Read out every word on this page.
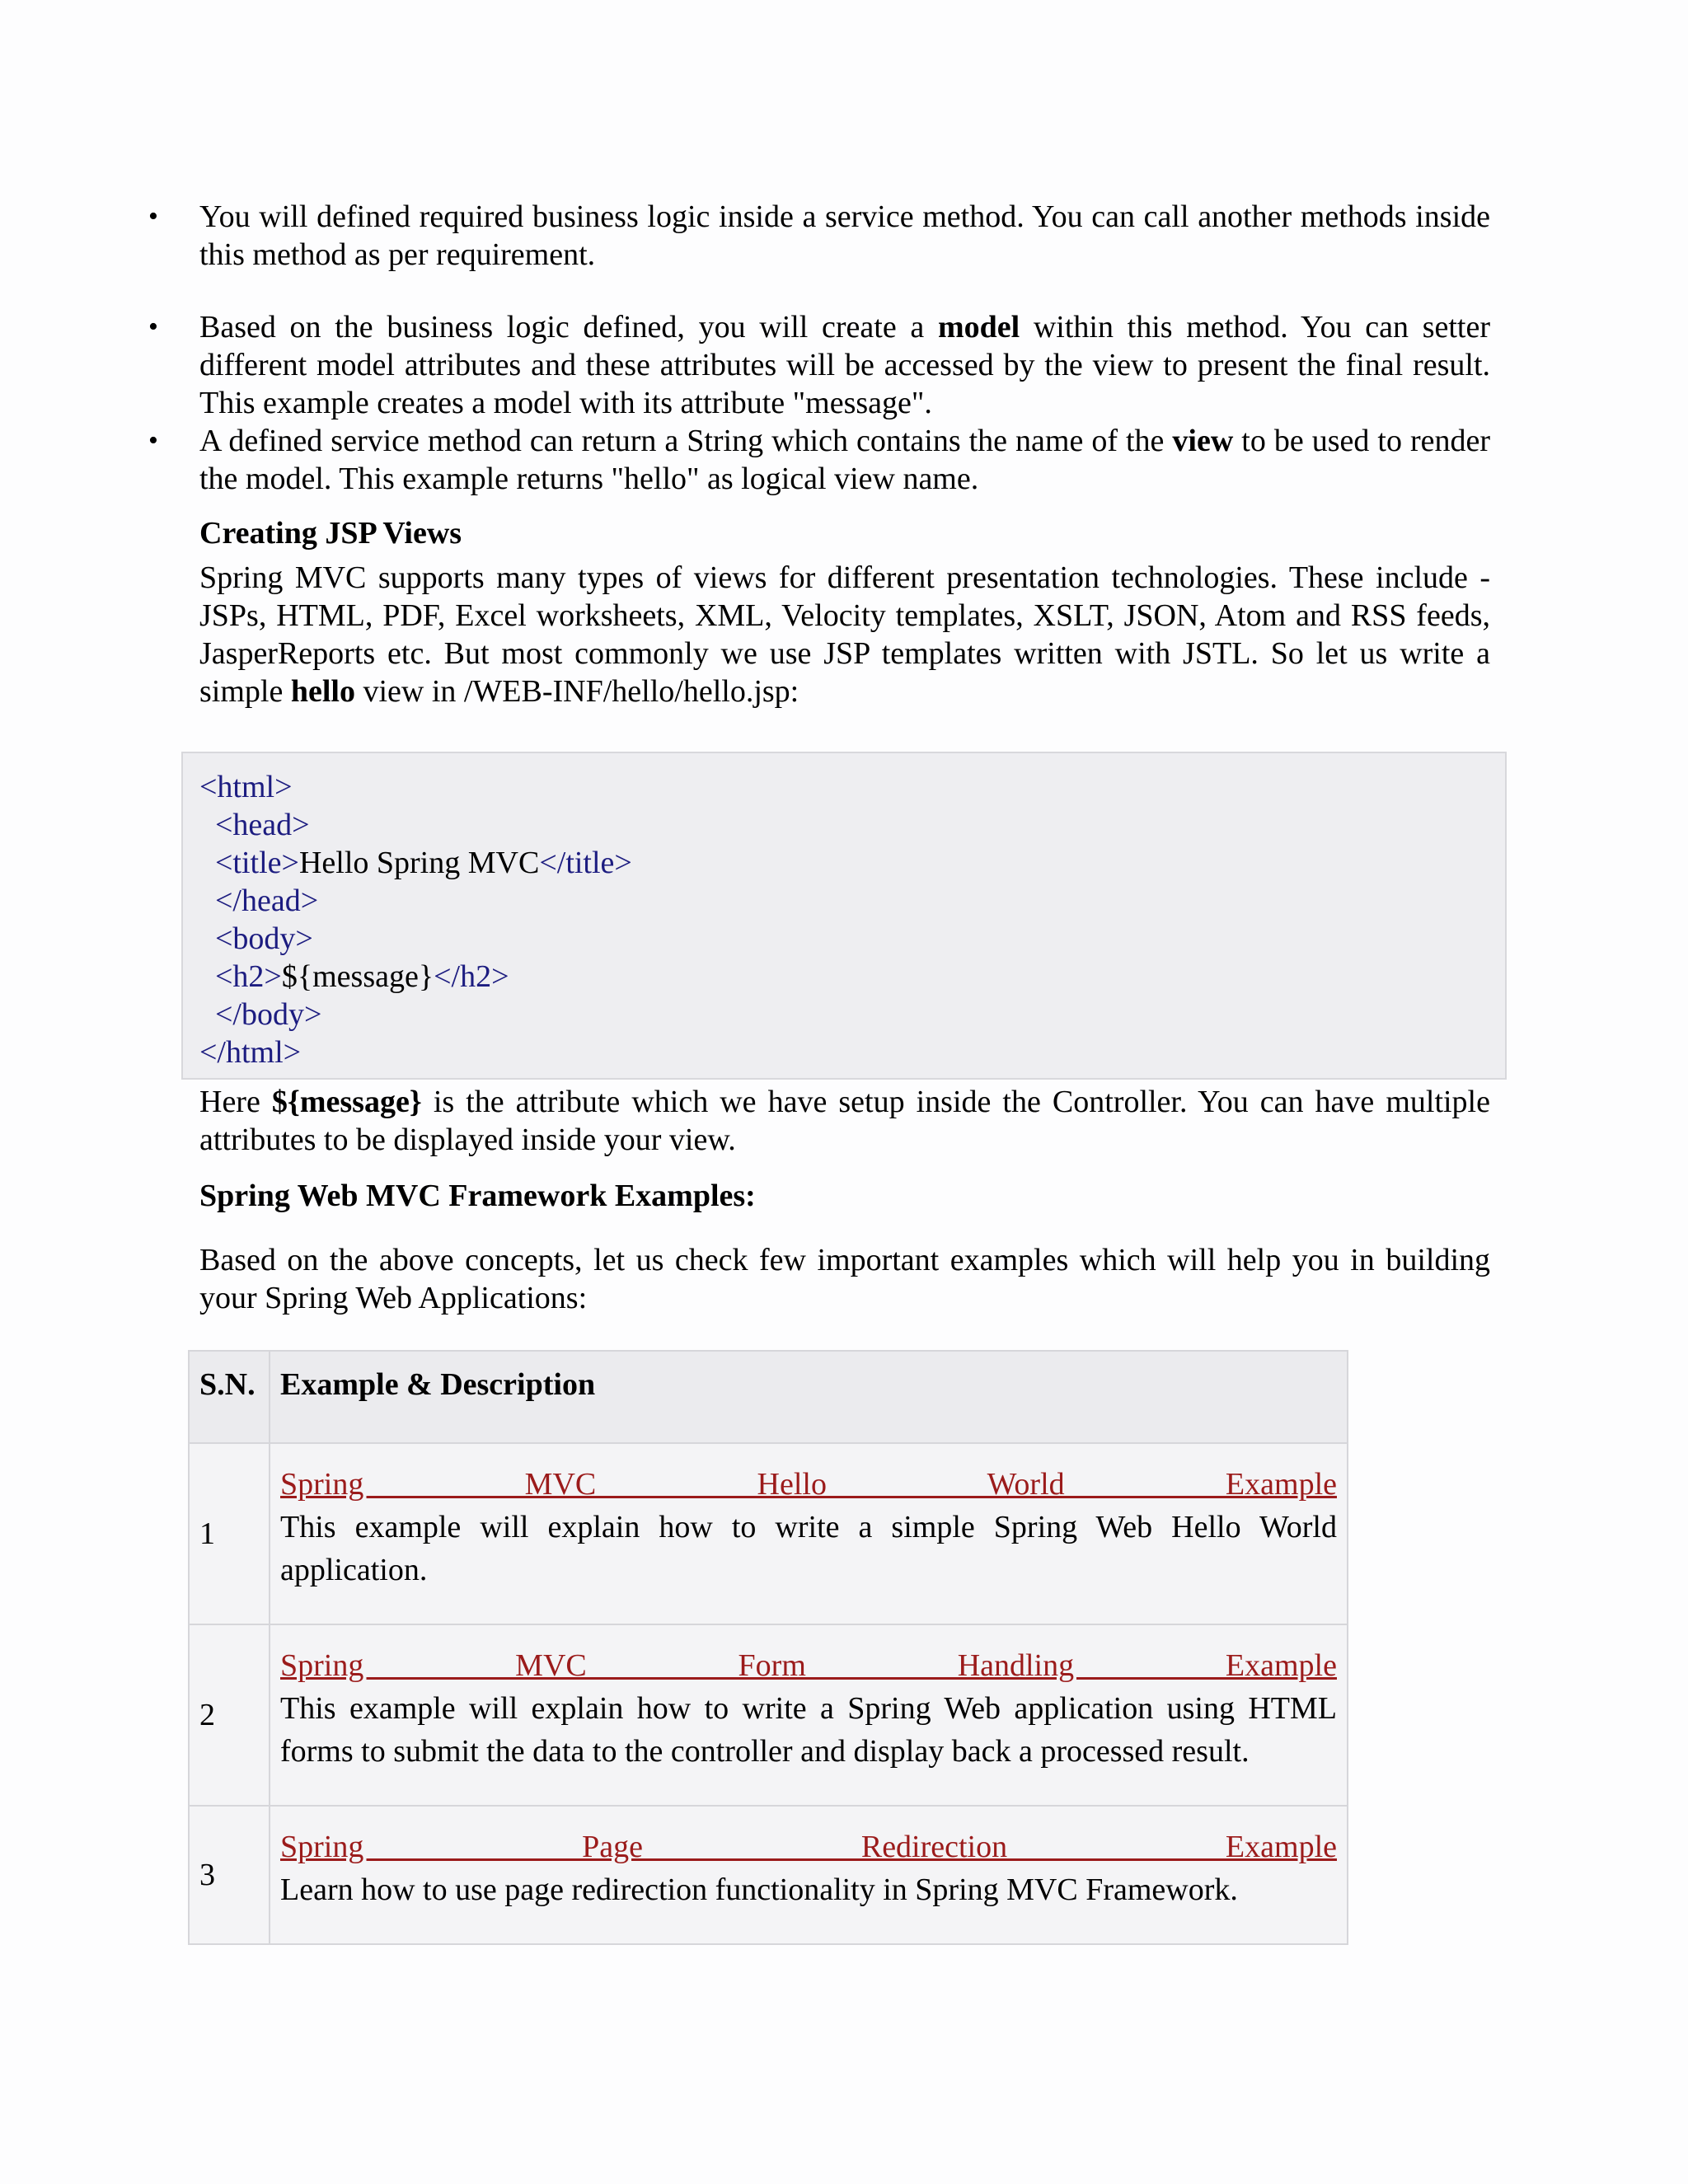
• You will defined required business logic inside a service method. You can call another methods inside this method as per requirement.
• Based on the business logic defined, you will create a model within this method. You can setter different model attributes and these attributes will be accessed by the view to present the final result. This example creates a model with its attribute "message".
• A defined service method can return a String which contains the name of the view to be used to render the model. This example returns "hello" as logical view name.
Creating JSP Views
Spring MVC supports many types of views for different presentation technologies. These include - JSPs, HTML, PDF, Excel worksheets, XML, Velocity templates, XSLT, JSON, Atom and RSS feeds, JasperReports etc. But most commonly we use JSP templates written with JSTL. So let us write a simple hello view in /WEB-INF/hello/hello.jsp:
<html>
<head>
<title>Hello Spring MVC</title>
</head>
<body>
<h2>${message}</h2>
</body>
</html>
Here ${message} is the attribute which we have setup inside the Controller. You can have multiple attributes to be displayed inside your view.
Spring Web MVC Framework Examples:
Based on the above concepts, let us check few important examples which will help you in building your Spring Web Applications:
S.N.	Example & Description
1	Spring MVC Hello World Example
This example will explain how to write a simple Spring Web Hello World application.
2	Spring MVC Form Handling Example
This example will explain how to write a Spring Web application using HTML forms to submit the data to the controller and display back a processed result.
3	Spring Page Redirection Example
Learn how to use page redirection functionality in Spring MVC Framework.
